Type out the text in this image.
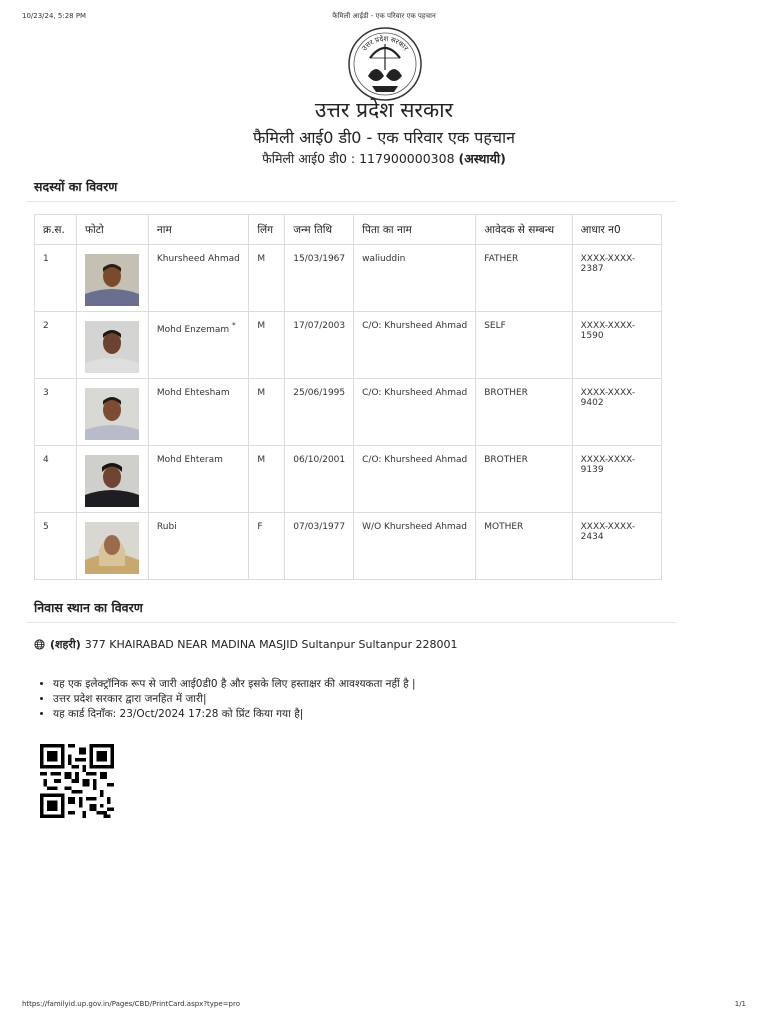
10/23/24, 5:28 PM	फैमिली आईडी - एक परिवार एक पहचान
उत्तर प्रदेश सरकार
उत्तर प्रदेश सरकार
फैमिली आई0 डी0 - एक परिवार एक पहचान
फैमिली आई0 डी0 : 117900000308 (अस्थायी)
सदस्यों का विवरण
क्र.स.	फोटो	नाम	लिंग	जन्म तिथि	पिता का नाम	आवेदक से सम्बन्ध	आधार न0
1		Khursheed Ahmad	M	15/03/1967	waliuddin	FATHER	XXXX-XXXX-2387
2		Mohd Enzemam *	M	17/07/2003	C/O: Khursheed Ahmad	SELF	XXXX-XXXX-1590
3		Mohd Ehtesham	M	25/06/1995	C/O: Khursheed Ahmad	BROTHER	XXXX-XXXX-9402
4		Mohd Ehteram	M	06/10/2001	C/O: Khursheed Ahmad	BROTHER	XXXX-XXXX-9139
5		Rubi	F	07/03/1977	W/O Khursheed Ahmad	MOTHER	XXXX-XXXX-2434
निवास स्थान का विवरण
(शहरी) 377 KHAIRABAD NEAR MADINA MASJID Sultanpur Sultanpur 228001
• यह एक इलेक्ट्रॉनिक रूप से जारी आई0डी0 है और इसके लिए हस्ताक्षर की आवश्यकता नहीं है |
• उत्तर प्रदेश सरकार द्वारा जनहित में जारी|
• यह कार्ड दिनाँक: 23/Oct/2024 17:28 को प्रिंट किया गया है|
https://familyid.up.gov.in/Pages/CBD/PrintCard.aspx?type=pro	1/1
